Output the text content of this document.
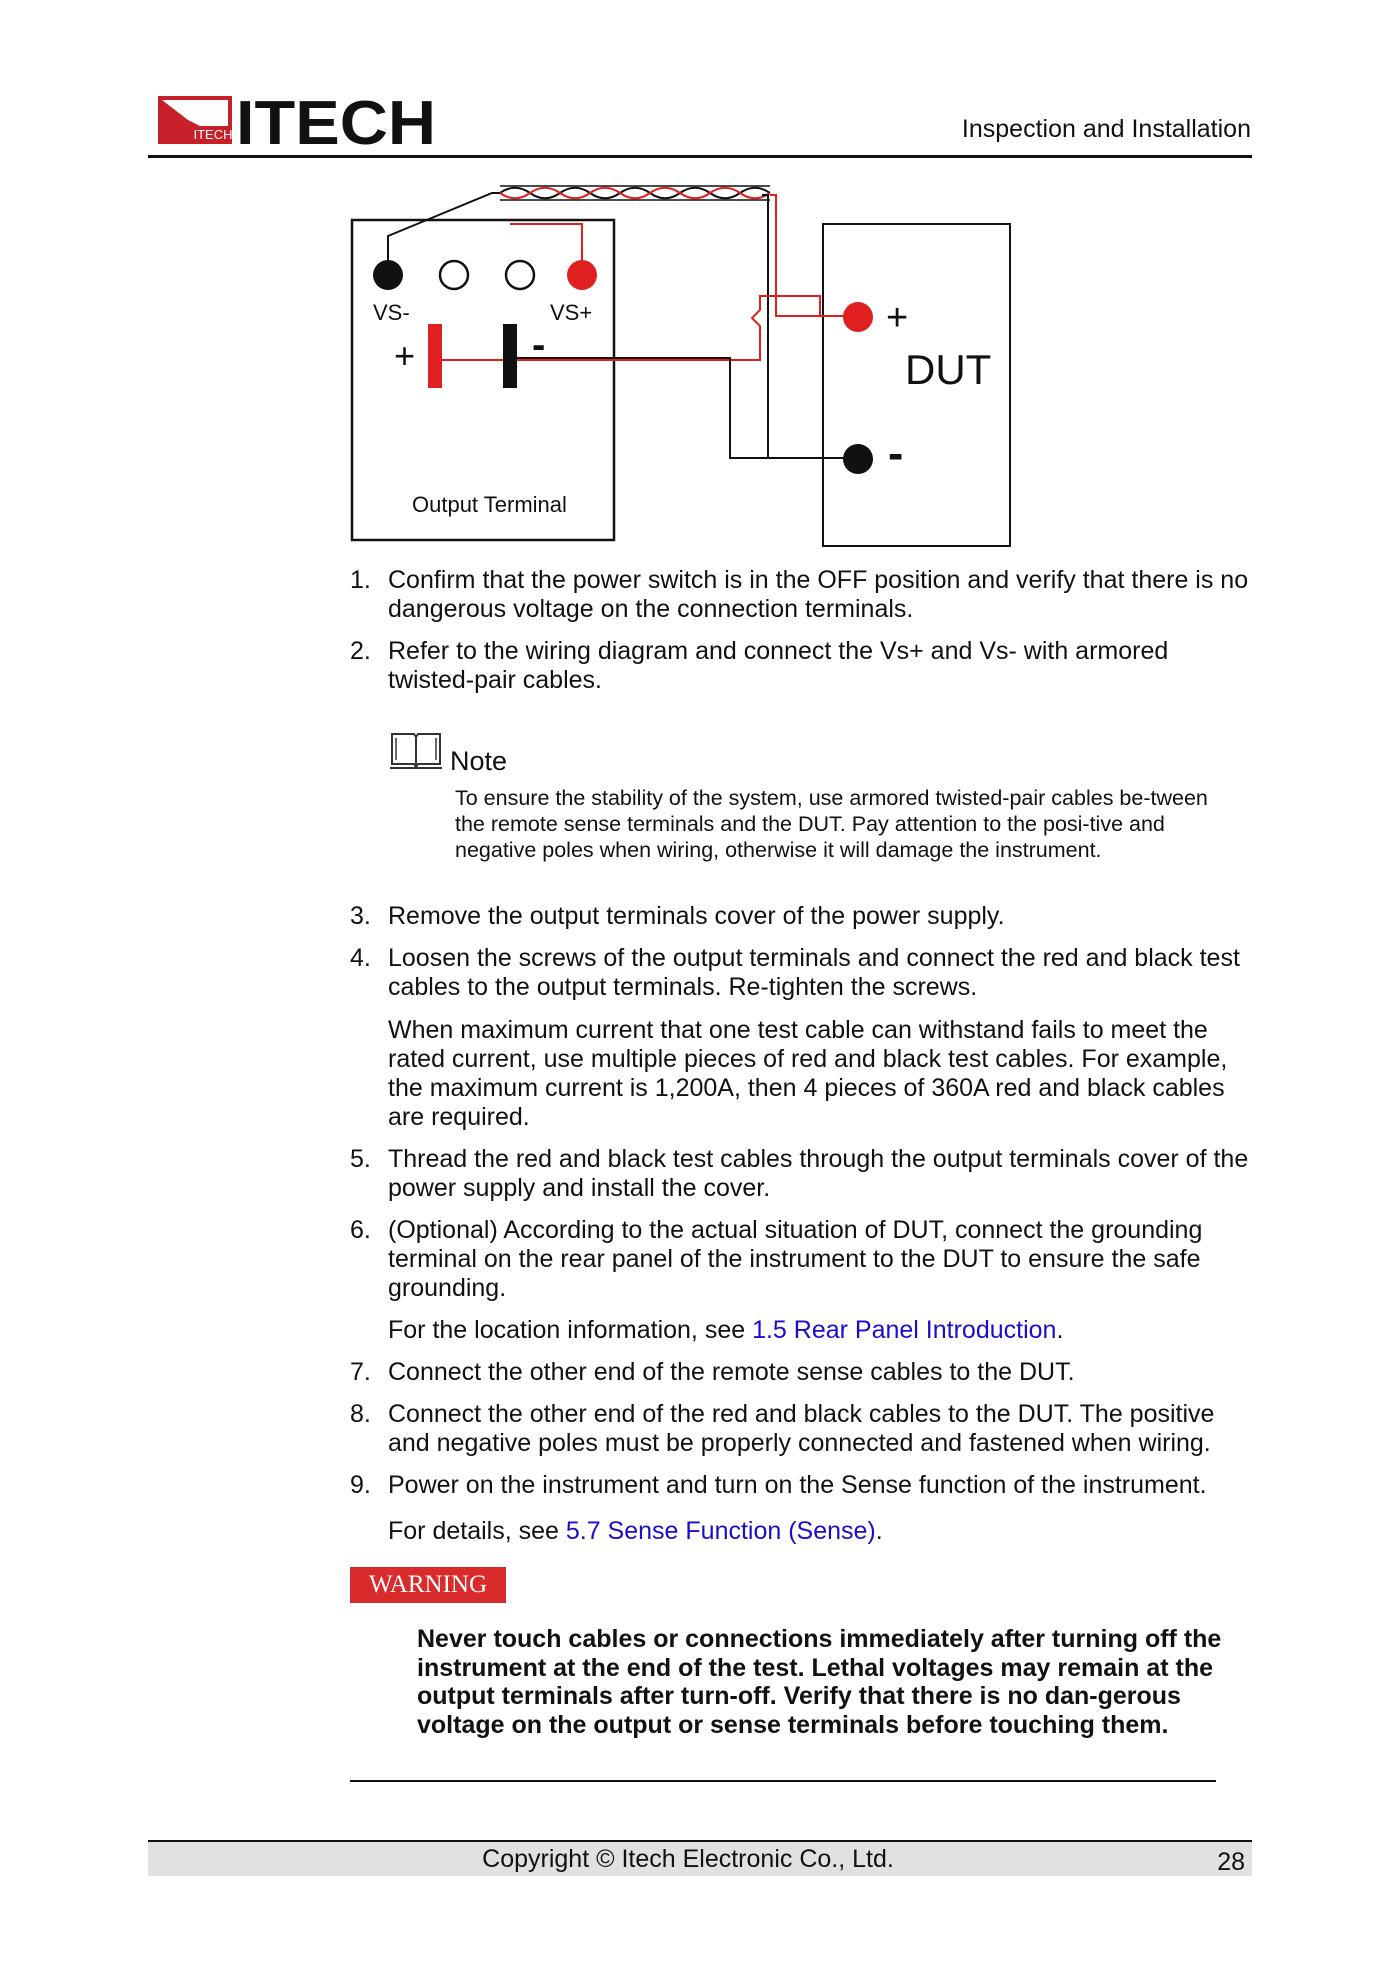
ITECH ITECH	Inspection and Installation
VS-	VS+
+	-
Output Terminal
+
-
DUT
1. Confirm that the power switch is in the OFF position and verify that there is no dangerous voltage on the connection terminals.
2. Refer to the wiring diagram and connect the Vs+ and Vs- with armored twisted-pair cables.
Note
To ensure the stability of the system, use armored twisted-pair cables be-tween the remote sense terminals and the DUT. Pay attention to the posi-tive and negative poles when wiring, otherwise it will damage the instrument.
3. Remove the output terminals cover of the power supply.
4. Loosen the screws of the output terminals and connect the red and black test cables to the output terminals. Re-tighten the screws.
When maximum current that one test cable can withstand fails to meet the rated current, use multiple pieces of red and black test cables. For example, the maximum current is 1,200A, then 4 pieces of 360A red and black cables are required.
5. Thread the red and black test cables through the output terminals cover of the power supply and install the cover.
6. (Optional) According to the actual situation of DUT, connect the grounding terminal on the rear panel of the instrument to the DUT to ensure the safe grounding.
For the location information, see 1.5 Rear Panel Introduction.
7. Connect the other end of the remote sense cables to the DUT.
8. Connect the other end of the red and black cables to the DUT. The positive and negative poles must be properly connected and fastened when wiring.
9. Power on the instrument and turn on the Sense function of the instrument.
For details, see 5.7 Sense Function (Sense).
WARNING
Never touch cables or connections immediately after turning off the instrument at the end of the test. Lethal voltages may remain at the output terminals after turn-off. Verify that there is no dan-gerous voltage on the output or sense terminals before touching them.
Copyright © Itech Electronic Co., Ltd.	28
